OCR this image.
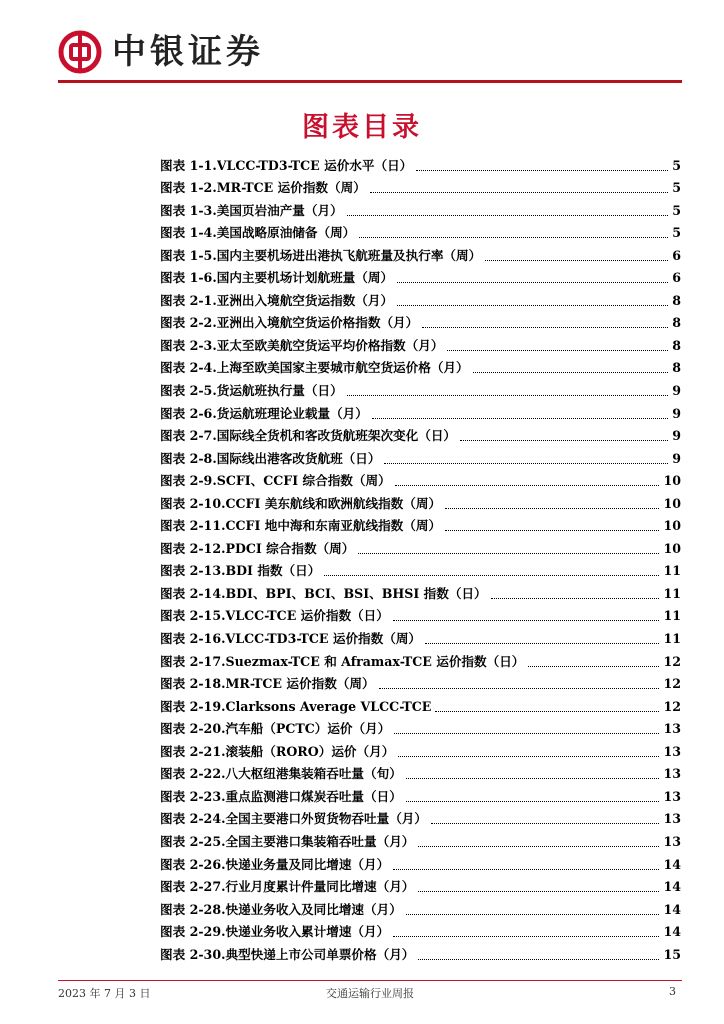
中银证券
图表目录
图表 1-1. VLCC-TD3-TCE 运价水平（日）	5
图表 1-2. MR-TCE 运价指数（周）	5
图表 1-3. 美国页岩油产量（月）	5
图表 1-4. 美国战略原油储备（周）	5
图表 1-5. 国内主要机场进出港执飞航班量及执行率（周）	6
图表 1-6. 国内主要机场计划航班量（周）	6
图表 2-1. 亚洲出入境航空货运指数（月）	8
图表 2-2. 亚洲出入境航空货运价格指数（月）	8
图表 2-3. 亚太至欧美航空货运平均价格指数（月）	8
图表 2-4. 上海至欧美国家主要城市航空货运价格（月）	8
图表 2-5. 货运航班执行量（日）	9
图表 2-6. 货运航班理论业载量（月）	9
图表 2-7. 国际线全货机和客改货航班架次变化（日）	9
图表 2-8. 国际线出港客改货航班（日）	9
图表 2-9. SCFI、CCFI 综合指数（周）	10
图表 2-10. CCFI 美东航线和欧洲航线指数（周）	10
图表 2-11. CCFI 地中海和东南亚航线指数（周）	10
图表 2-12. PDCI 综合指数（周）	10
图表 2-13. BDI 指数（日）	11
图表 2-14. BDI、BPI、BCI、BSI、BHSI 指数（日）	11
图表 2-15. VLCC-TCE 运价指数（日）	11
图表 2-16. VLCC-TD3-TCE 运价指数（周）	11
图表 2-17. Suezmax-TCE 和 Aframax-TCE 运价指数（日）	12
图表 2-18. MR-TCE 运价指数（周）	12
图表 2-19. Clarksons Average VLCC-TCE	12
图表 2-20. 汽车船（PCTC）运价（月）	13
图表 2-21. 滚装船（RORO）运价（月）	13
图表 2-22. 八大枢纽港集装箱吞吐量（旬）	13
图表 2-23. 重点监测港口煤炭吞吐量（日）	13
图表 2-24. 全国主要港口外贸货物吞吐量（月）	13
图表 2-25. 全国主要港口集装箱吞吐量（月）	13
图表 2-26. 快递业务量及同比增速（月）	14
图表 2-27. 行业月度累计件量同比增速（月）	14
图表 2-28. 快递业务收入及同比增速（月）	14
图表 2-29. 快递业务收入累计增速（月）	14
图表 2-30. 典型快递上市公司单票价格（月）	15
2023 年 7 月 3 日	交通运输行业周报	3
